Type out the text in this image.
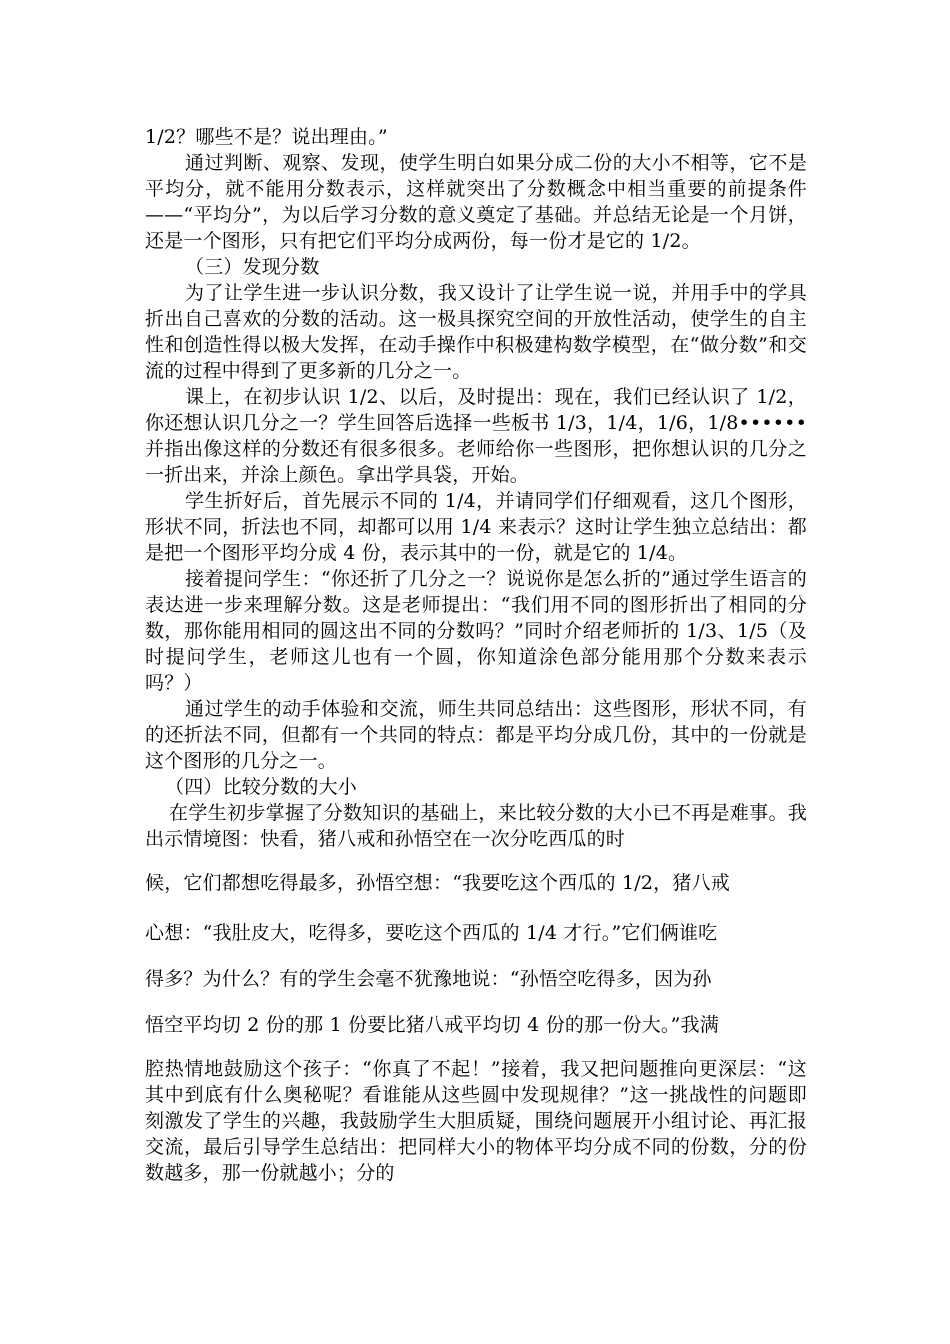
1/2？哪些不是？说出理由。”

通过判断、观察、发现，使学生明白如果分成二份的大小不相等，它不是平均分，就不能用分数表示，这样就突出了分数概念中相当重要的前提条件——“平均分”，为以后学习分数的意义奠定了基础。并总结无论是一个月饼，还是一个图形，只有把它们平均分成两份，每一份才是它的 1/2。

（三）发现分数

为了让学生进一步认识分数，我又设计了让学生说一说，并用手中的学具折出自己喜欢的分数的活动。这一极具探究空间的开放性活动，使学生的自主性和创造性得以极大发挥，在动手操作中积极建构数学模型，在“做分数”和交流的过程中得到了更多新的几分之一。

课上，在初步认识 1/2、以后，及时提出：现在，我们已经认识了 1/2，你还想认识几分之一？学生回答后选择一些板书 1/3，1/4，1/6，1/8••••••并指出像这样的分数还有很多很多。老师给你一些图形，把你想认识的几分之一折出来，并涂上颜色。拿出学具袋，开始。

学生折好后，首先展示不同的 1/4，并请同学们仔细观看，这几个图形，形状不同，折法也不同，却都可以用 1/4 来表示？这时让学生独立总结出：都是把一个图形平均分成 4 份，表示其中的一份，就是它的 1/4。

接着提问学生：“你还折了几分之一？说说你是怎么折的”通过学生语言的表达进一步来理解分数。这是老师提出：“我们用不同的图形折出了相同的分数，那你能用相同的圆这出不同的分数吗？”同时介绍老师折的 1/3、1/5（及时提问学生，老师这儿也有一个圆，你知道涂色部分能用那个分数来表示吗？）

通过学生的动手体验和交流，师生共同总结出：这些图形，形状不同，有的还折法不同，但都有一个共同的特点：都是平均分成几份，其中的一份就是这个图形的几分之一。

（四）比较分数的大小

在学生初步掌握了分数知识的基础上，来比较分数的大小已不再是难事。我出示情境图：快看，猪八戒和孙悟空在一次分吃西瓜的时

候，它们都想吃得最多，孙悟空想：“我要吃这个西瓜的 1/2，猪八戒

心想：“我肚皮大，吃得多，要吃这个西瓜的 1/4 才行。”它们俩谁吃

得多？为什么？有的学生会毫不犹豫地说：“孙悟空吃得多，因为孙

悟空平均切 2 份的那 1 份要比猪八戒平均切 4 份的那一份大。”我满

腔热情地鼓励这个孩子：“你真了不起！”接着，我又把问题推向更深层：“这其中到底有什么奥秘呢？看谁能从这些圆中发现规律？”这一挑战性的问题即刻激发了学生的兴趣，我鼓励学生大胆质疑，围绕问题展开小组讨论、再汇报交流，最后引导学生总结出：把同样大小的物体平均分成不同的份数，分的份数越多，那一份就越小；分的
